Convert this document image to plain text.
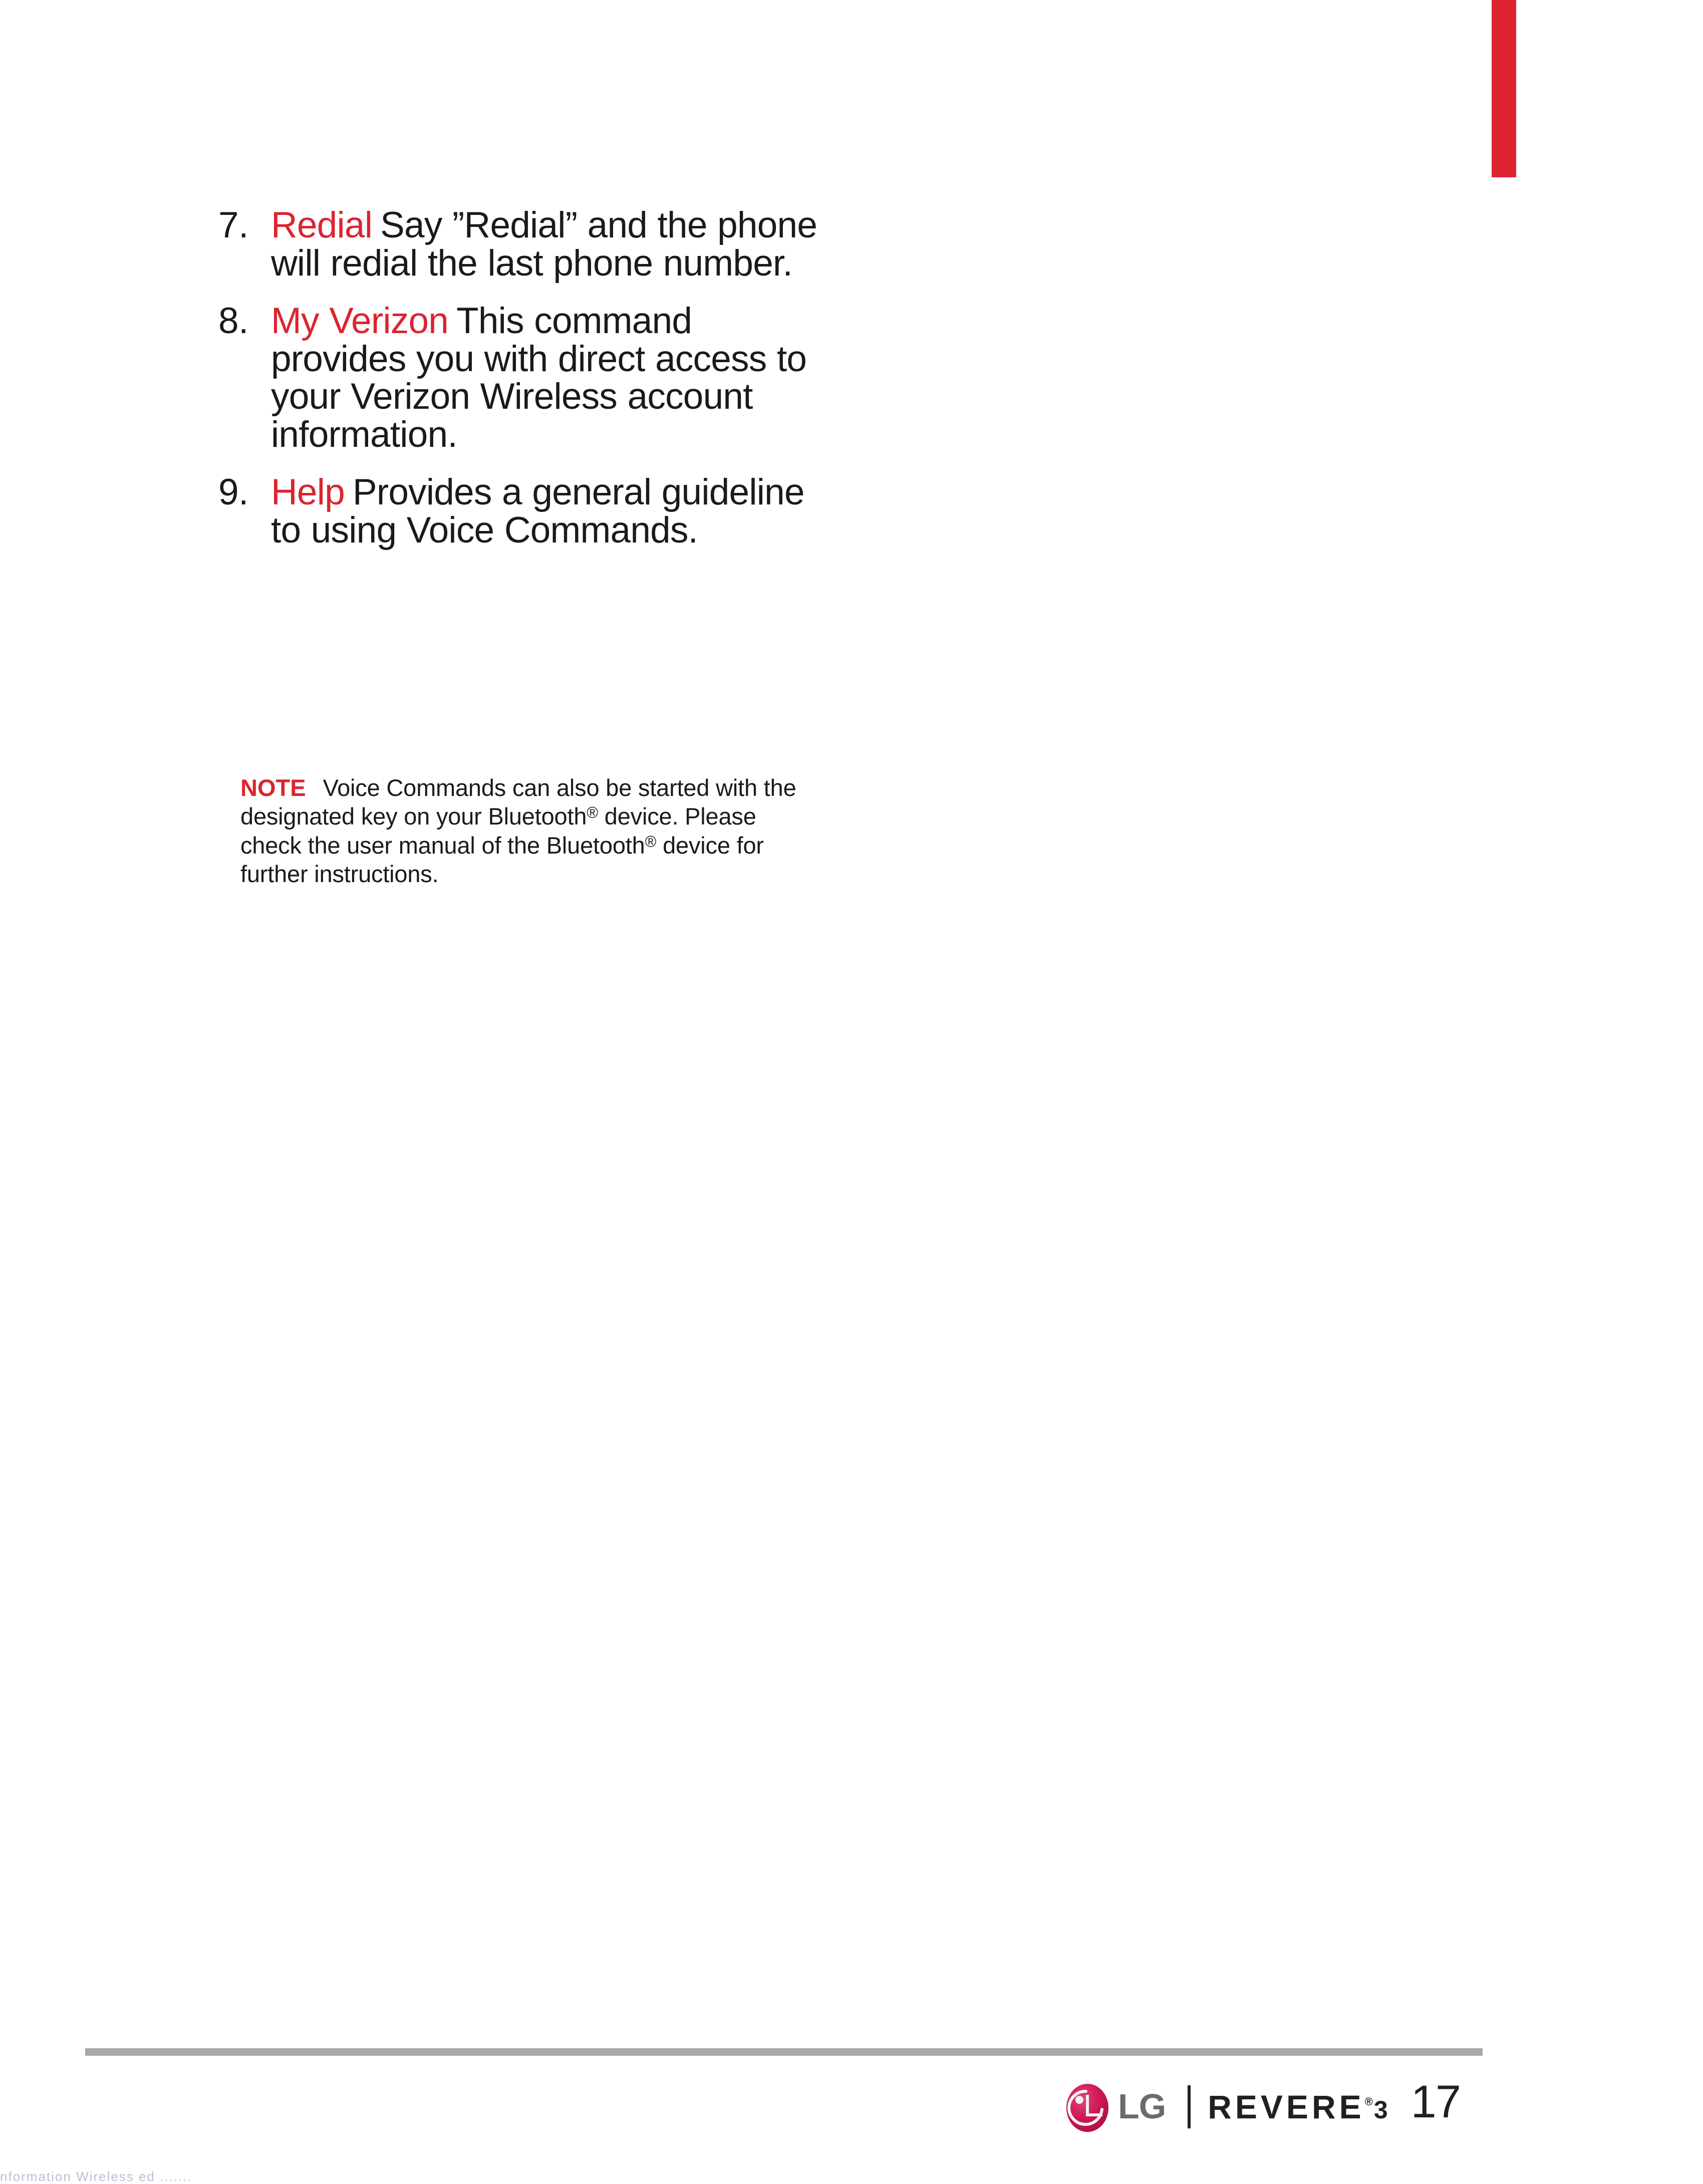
7. Redial Say ”Redial” and the phone will redial the last phone number.
8. My Verizon This command provides you with direct access to your Verizon Wireless account information.
9. Help Provides a general guideline to using Voice Commands.
NOTE Voice Commands can also be started with the designated key on your Bluetooth® device. Please check the user manual of the Bluetooth® device for further instructions.
LG REVERE®3 17
nformation Wireless ed .......
